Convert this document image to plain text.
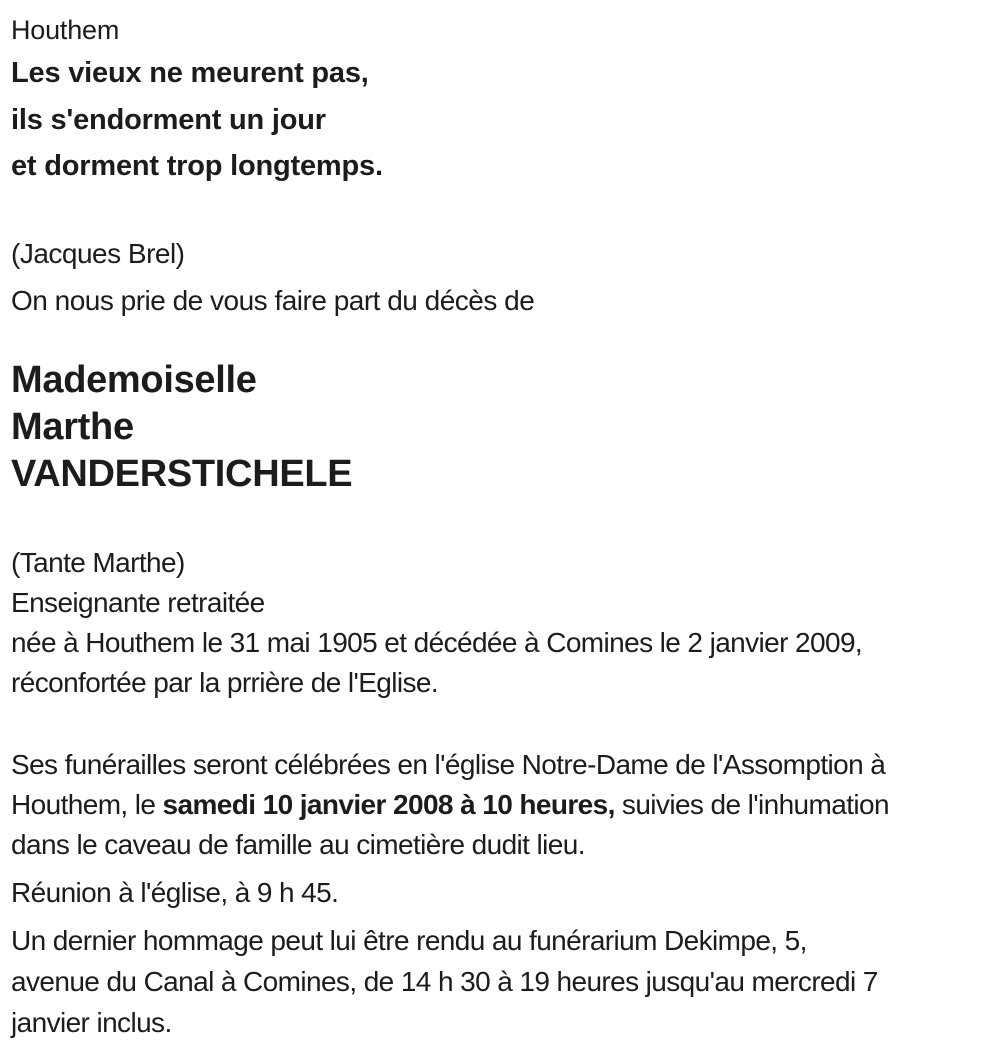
Houthem
Les vieux ne meurent pas,
ils s'endorment un jour
et dorment trop longtemps.
(Jacques Brel)
On nous prie de vous faire part du décès de
Mademoiselle
Marthe
VANDERSTICHELE
(Tante Marthe)
Enseignante retraitée
née à Houthem le 31 mai 1905 et décédée à Comines le 2 janvier 2009,
réconfortée par la prrière de l'Eglise.
Ses funérailles seront célébrées en l'église Notre-Dame de l'Assomption à
Houthem, le samedi 10 janvier 2008 à 10 heures, suivies de l'inhumation
dans le caveau de famille au cimetière dudit lieu.
Réunion à l'église, à 9 h 45.
Un dernier hommage peut lui être rendu au funérarium Dekimpe, 5,
avenue du Canal à Comines, de 14 h 30 à 19 heures jusqu'au mercredi 7
janvier inclus.
